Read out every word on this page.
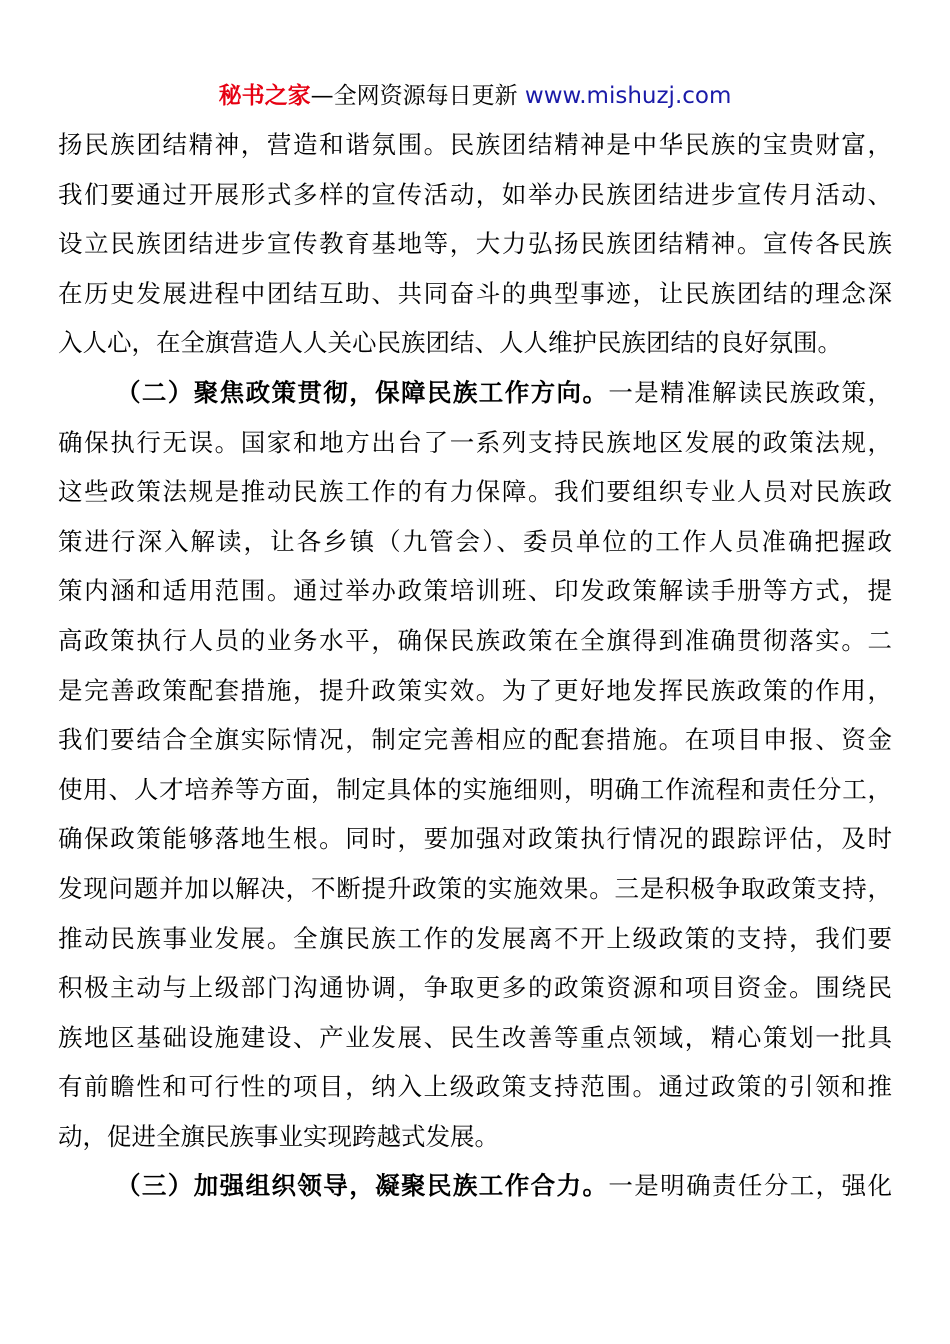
秘书之家—全网资源每日更新 www.mishuzj.com
扬民族团结精神，营造和谐氛围。民族团结精神是中华民族的宝贵财富，
我们要通过开展形式多样的宣传活动，如举办民族团结进步宣传月活动、
设立民族团结进步宣传教育基地等，大力弘扬民族团结精神。宣传各民族
在历史发展进程中团结互助、共同奋斗的典型事迹，让民族团结的理念深
入人心，在全旗营造人人关心民族团结、人人维护民族团结的良好氛围。
（二）聚焦政策贯彻，保障民族工作方向。一是精准解读民族政策，
确保执行无误。国家和地方出台了一系列支持民族地区发展的政策法规，
这些政策法规是推动民族工作的有力保障。我们要组织专业人员对民族政
策进行深入解读，让各乡镇（九管会）、委员单位的工作人员准确把握政
策内涵和适用范围。通过举办政策培训班、印发政策解读手册等方式，提
高政策执行人员的业务水平，确保民族政策在全旗得到准确贯彻落实。二
是完善政策配套措施，提升政策实效。为了更好地发挥民族政策的作用，
我们要结合全旗实际情况，制定完善相应的配套措施。在项目申报、资金
使用、人才培养等方面，制定具体的实施细则，明确工作流程和责任分工，
确保政策能够落地生根。同时，要加强对政策执行情况的跟踪评估，及时
发现问题并加以解决，不断提升政策的实施效果。三是积极争取政策支持，
推动民族事业发展。全旗民族工作的发展离不开上级政策的支持，我们要
积极主动与上级部门沟通协调，争取更多的政策资源和项目资金。围绕民
族地区基础设施建设、产业发展、民生改善等重点领域，精心策划一批具
有前瞻性和可行性的项目，纳入上级政策支持范围。通过政策的引领和推
动，促进全旗民族事业实现跨越式发展。
（三）加强组织领导，凝聚民族工作合力。一是明确责任分工，强化
